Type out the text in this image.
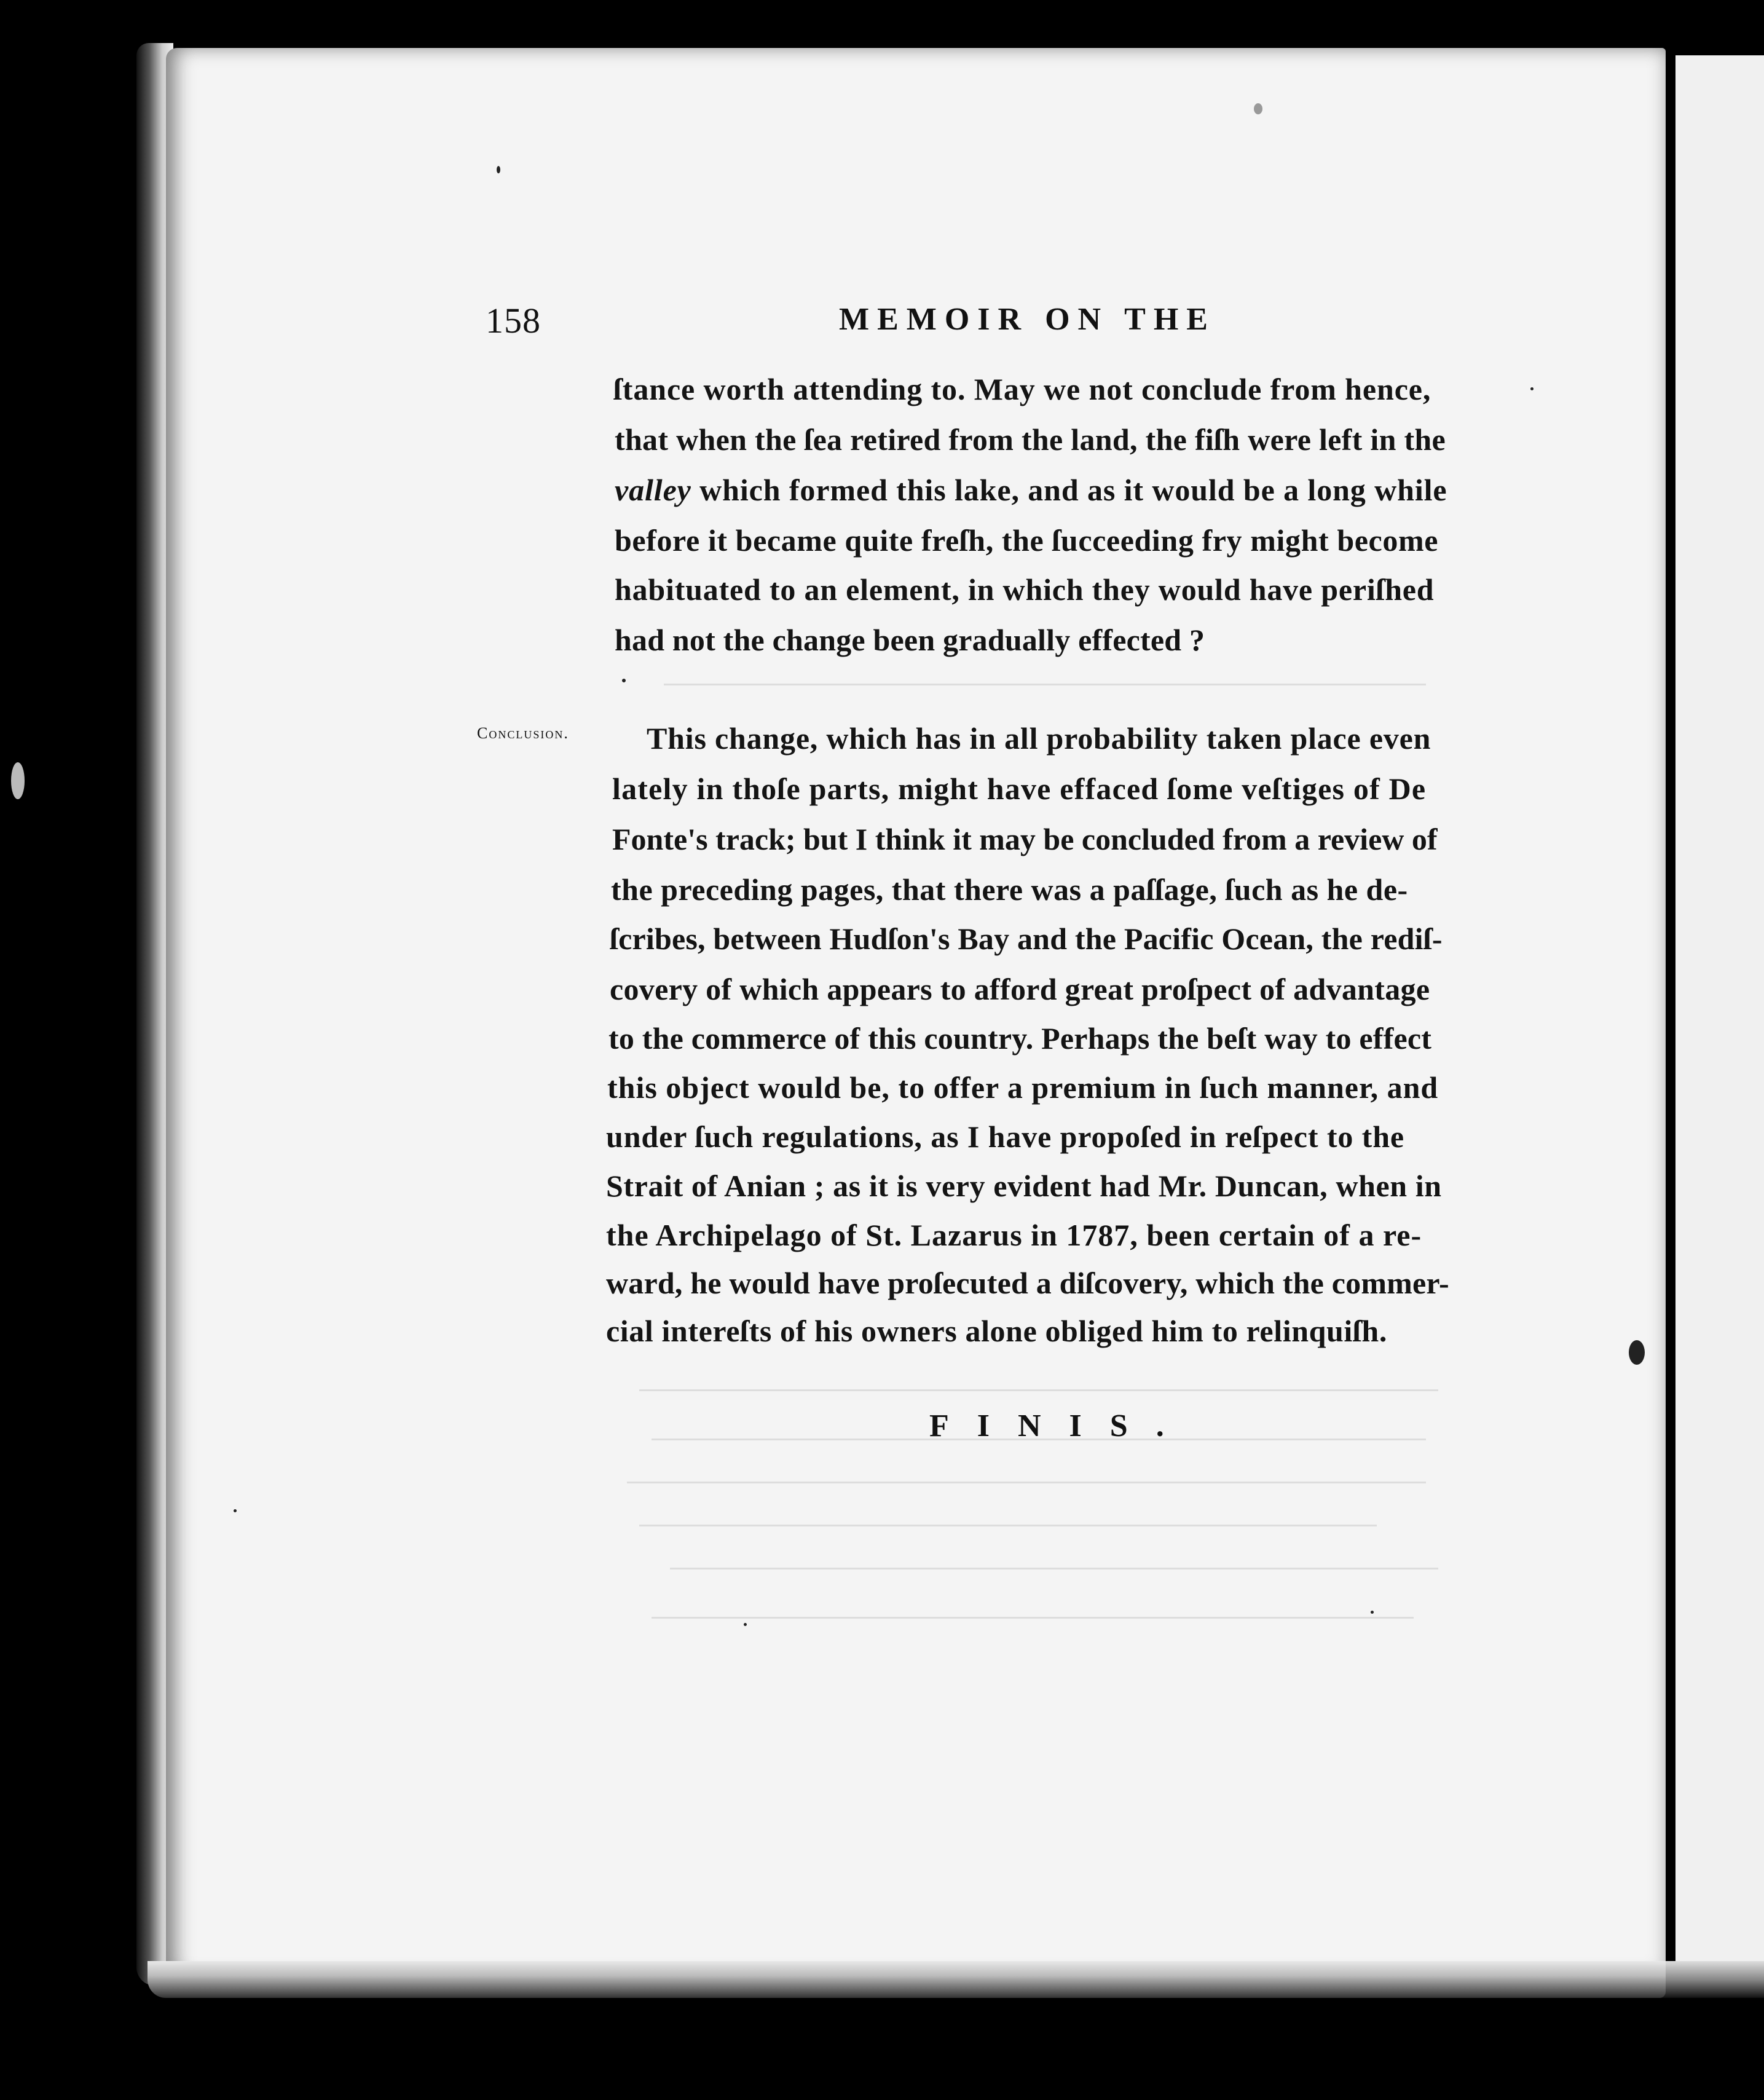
158	MEMOIR ON THE
ſtance worth attending to. May we not conclude from hence,
that when the ſea retired from the land, the fiſh were left in the
valley which formed this lake, and as it would be a long while
before it became quite freſh, the ſucceeding fry might become
habituated to an element, in which they would have periſhed
had not the change been gradually effected ?
Conclusion.	This change, which has in all probability taken place even
lately in thoſe parts, might have effaced ſome veſtiges of De
Fonte's track; but I think it may be concluded from a review of
the preceding pages, that there was a paſſage, ſuch as he de-
ſcribes, between Hudſon's Bay and the Pacific Ocean, the rediſ-
covery of which appears to afford great proſpect of advantage
to the commerce of this country. Perhaps the beſt way to effect
this object would be, to offer a premium in ſuch manner, and
under ſuch regulations, as I have propoſed in reſpect to the
Strait of Anian ; as it is very evident had Mr. Duncan, when in
the Archipelago of St. Lazarus in 1787, been certain of a re-
ward, he would have proſecuted a diſcovery, which the commer-
cial intereſts of his owners alone obliged him to relinquiſh.
FINIS.
